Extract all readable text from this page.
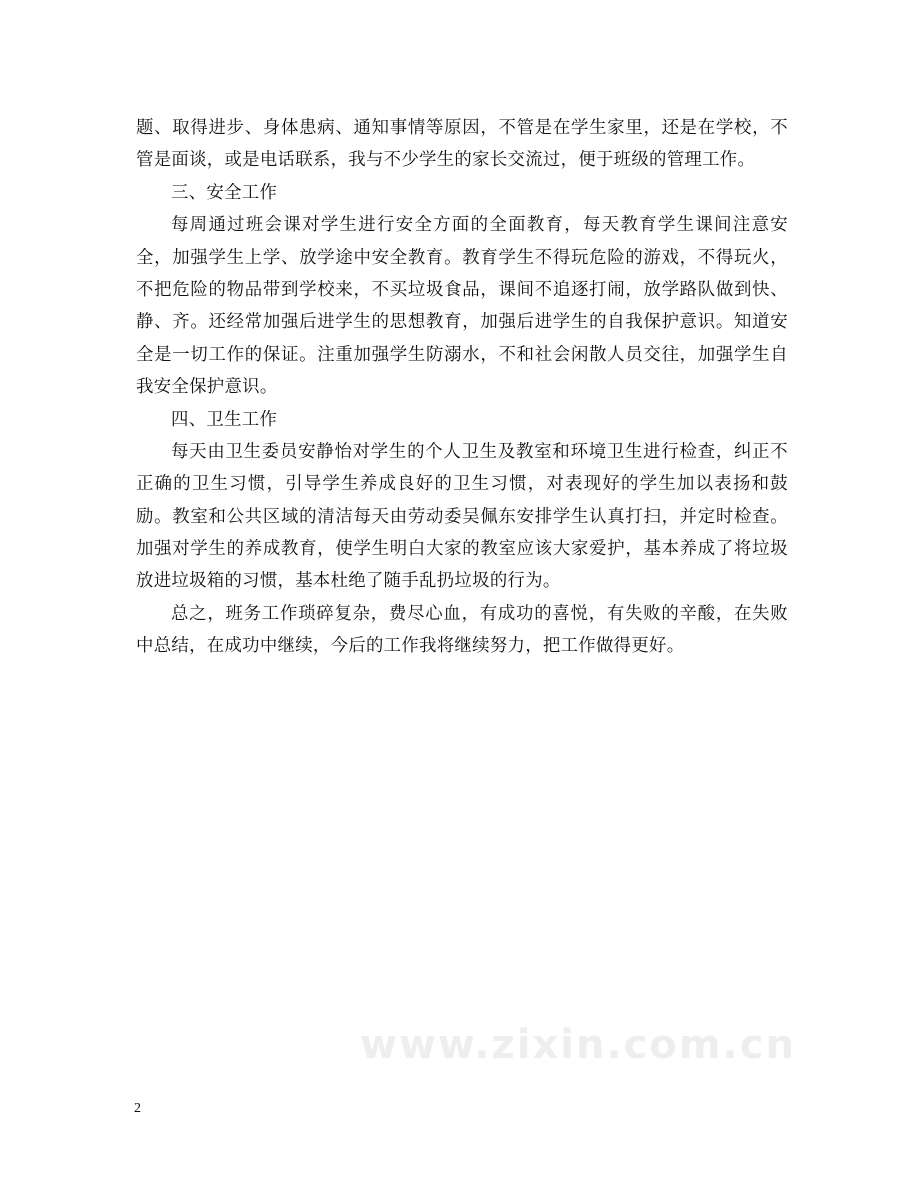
题、取得进步、身体患病、通知事情等原因，不管是在学生家里，还是在学校，不
管是面谈，或是电话联系，我与不少学生的家长交流过，便于班级的管理工作。
三、安全工作
每周通过班会课对学生进行安全方面的全面教育，每天教育学生课间注意安
全，加强学生上学、放学途中安全教育。教育学生不得玩危险的游戏，不得玩火，
不把危险的物品带到学校来，不买垃圾食品，课间不追逐打闹，放学路队做到快、
静、齐。还经常加强后进学生的思想教育，加强后进学生的自我保护意识。知道安
全是一切工作的保证。注重加强学生防溺水，不和社会闲散人员交往，加强学生自
我安全保护意识。
四、卫生工作
每天由卫生委员安静怡对学生的个人卫生及教室和环境卫生进行检查，纠正不
正确的卫生习惯，引导学生养成良好的卫生习惯，对表现好的学生加以表扬和鼓
励。教室和公共区域的清洁每天由劳动委吴佩东安排学生认真打扫，并定时检查。
加强对学生的养成教育，使学生明白大家的教室应该大家爱护，基本养成了将垃圾
放进垃圾箱的习惯，基本杜绝了随手乱扔垃圾的行为。
总之，班务工作琐碎复杂，费尽心血，有成功的喜悦，有失败的辛酸，在失败
中总结，在成功中继续，今后的工作我将继续努力，把工作做得更好。
www.zixin.com.cn
2
